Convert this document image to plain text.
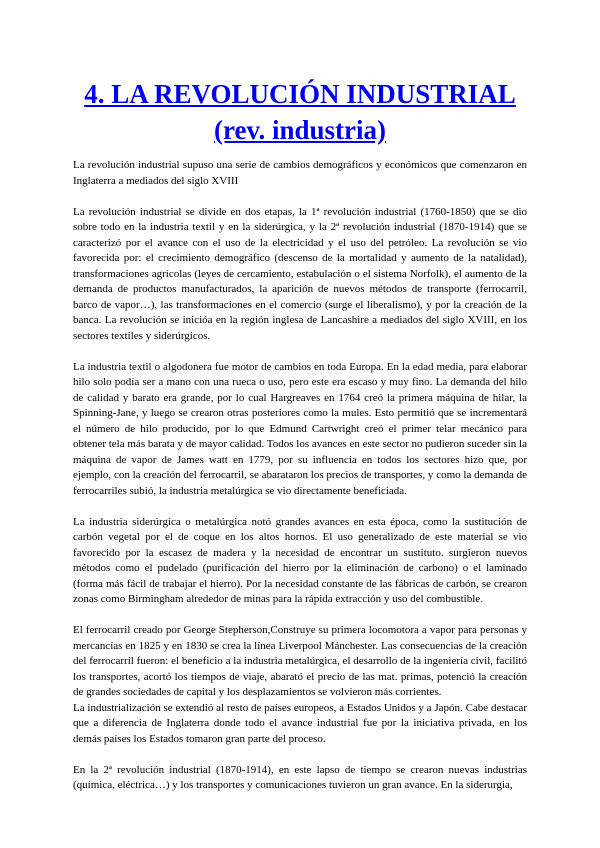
4. LA REVOLUCIÓN INDUSTRIAL
(rev. industria)

La revolución industrial supuso una serie de cambios demográficos y económicos que comenzaron en Inglaterra a mediados del siglo XVIII

La revolución industrial se divide en dos etapas, la 1ª revolución industrial (1760-1850) que se dio sobre todo en la industria textil y en la siderúrgica, y la 2ª revolución industrial (1870-1914) que se caracterizó por el avance con el uso de la electricidad y el uso del petróleo. La revolución se vio favorecida por: el crecimiento demográfico (descenso de la mortalidad y aumento de la natalidad), transformaciones agrícolas (leyes de cercamiento, estabulación o el sistema Norfolk), el aumento de la demanda de productos manufacturados, la aparición de nuevos métodos de transporte (ferrocarril, barco de vapor…), las transformaciones en el comercio (surge el liberalismo), y por la creación de la banca. La revolución se inicióa en la región inglesa de Lancashire a mediados del siglo XVIII, en los sectores textiles y siderúrgicos.

La industria textil o algodonera fue motor de cambios en toda Europa. En la edad media, para elaborar hilo solo podía ser a mano con una rueca o uso, pero este era escaso y muy fino. La demanda del hilo de calidad y barato era grande, por lo cual Hargreaves en 1764 creó la primera máquina de hilar, la Spinning-Jane, y luego se crearon otras posteriores como la mules. Esto permitió que se incrementará el número de hilo producido, por lo que Edmund Cartwright creó el primer telar mecánico para obtener tela más barata y de mayor calidad. Todos los avances en este sector no pudieron suceder sin la máquina de vapor de James watt en 1779, por su influencia en todos los sectores hizo que, por ejemplo, con la creación del ferrocarril, se abarataron los precios de transportes, y como la demanda de ferrocarriles subió, la industria metalúrgica se vio directamente beneficiada.

La industria siderúrgica o metalúrgica notó grandes avances en esta época, como la sustitución de carbón vegetal por el de coque en los altos hornos. El uso generalizado de este material se vio favorecido por la escasez de madera y la necesidad de encontrar un sustituto. surgieron nuevos métodos como el pudelado (purificación del hierro por la eliminación de carbono) o el laminado (forma más fácil de trabajar el hierro). Por la necesidad constante de las fábricas de carbón, se crearon zonas como Birmingham alrededor de minas para la rápida extracción y uso del combustible.

El ferrocarril creado por George Stepherson,Construye su primera locomotora a vapor para personas y mercancías en 1825 y en 1830 se crea la línea Liverpool Mánchester. Las consecuencias de la creación del ferrocarril fueron: el beneficio a la industria metalúrgica, el desarrollo de la ingeniería civil, facilitó los transportes, acortó los tiempos de viaje, abarató el precio de las mat. primas, potenció la creación de grandes sociedades de capital y los desplazamientos se volvieron más corrientes.

La industrialización se extendió al resto de países europeos, a Estados Unidos y a Japón. Cabe destacar que a diferencia de Inglaterra donde todo el avance industrial fue por la iniciativa privada, en los demás países los Estados tomaron gran parte del proceso.

En la 2ª revolución industrial (1870-1914), en este lapso de tiempo se crearon nuevas industrias (química, eléctrica…) y los transportes y comunicaciones tuvieron un gran avance. En la siderurgia,
